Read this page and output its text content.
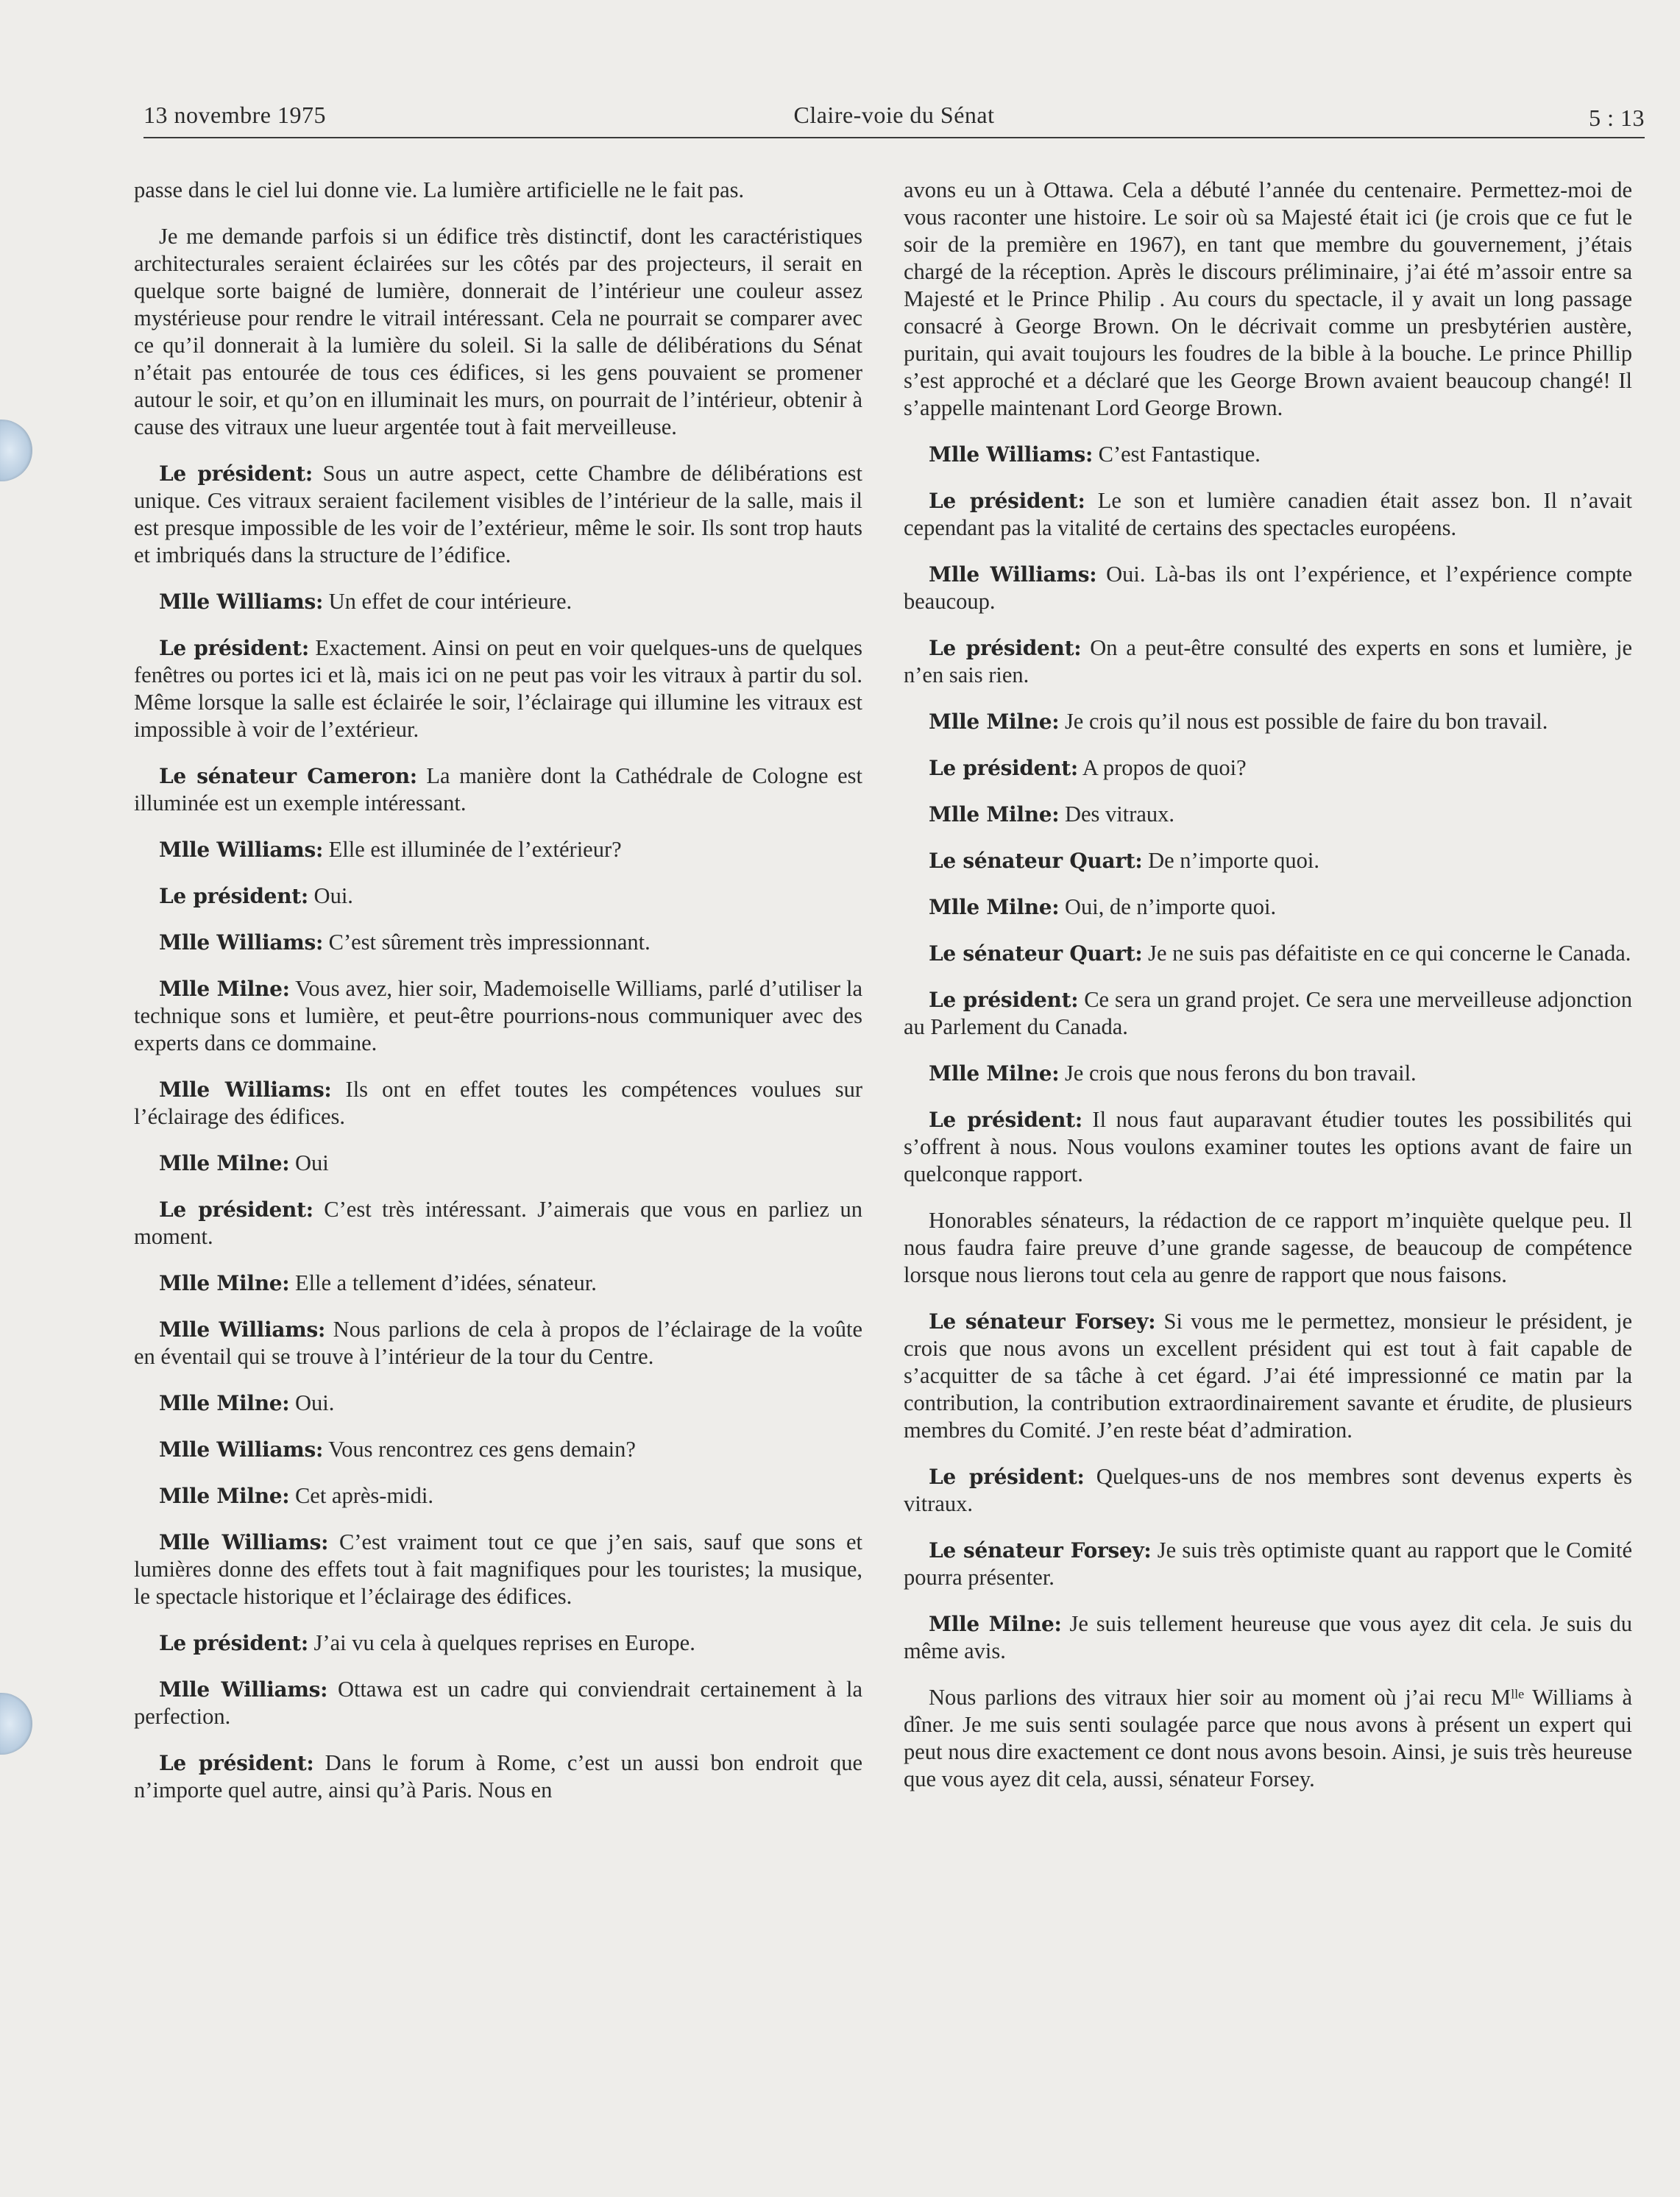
13 novembre 1975	Claire-voie du Sénat	5 : 13

passe dans le ciel lui donne vie. La lumière artificielle ne le fait pas.

Je me demande parfois si un édifice très distinctif, dont les caractéristiques architecturales seraient éclairées sur les côtés par des projecteurs, il serait en quelque sorte baigné de lumière, donnerait de l’intérieur une couleur assez mystérieuse pour rendre le vitrail intéressant. Cela ne pourrait se comparer avec ce qu’il donnerait à la lumière du soleil. Si la salle de délibérations du Sénat n’était pas entourée de tous ces édifices, si les gens pouvaient se promener autour le soir, et qu’on en illuminait les murs, on pourrait de l’intérieur, obtenir à cause des vitraux une lueur argentée tout à fait merveilleuse.

Le président: Sous un autre aspect, cette Chambre de délibérations est unique. Ces vitraux seraient facilement visibles de l’intérieur de la salle, mais il est presque impossible de les voir de l’extérieur, même le soir. Ils sont trop hauts et imbriqués dans la structure de l’édifice.

Mlle Williams: Un effet de cour intérieure.

Le président: Exactement. Ainsi on peut en voir quelques-uns de quelques fenêtres ou portes ici et là, mais ici on ne peut pas voir les vitraux à partir du sol. Même lorsque la salle est éclairée le soir, l’éclairage qui illumine les vitraux est impossible à voir de l’extérieur.

Le sénateur Cameron: La manière dont la Cathédrale de Cologne est illuminée est un exemple intéressant.

Mlle Williams: Elle est illuminée de l’extérieur?

Le président: Oui.

Mlle Williams: C’est sûrement très impressionnant.

Mlle Milne: Vous avez, hier soir, Mademoiselle Williams, parlé d’utiliser la technique sons et lumière, et peut-être pourrions-nous communiquer avec des experts dans ce dommaine.

Mlle Williams: Ils ont en effet toutes les compétences voulues sur l’éclairage des édifices.

Mlle Milne: Oui

Le président: C’est très intéressant. J’aimerais que vous en parliez un moment.

Mlle Milne: Elle a tellement d’idées, sénateur.

Mlle Williams: Nous parlions de cela à propos de l’éclairage de la voûte en éventail qui se trouve à l’intérieur de la tour du Centre.

Mlle Milne: Oui.

Mlle Williams: Vous rencontrez ces gens demain?

Mlle Milne: Cet après-midi.

Mlle Williams: C’est vraiment tout ce que j’en sais, sauf que sons et lumières donne des effets tout à fait magnifiques pour les touristes; la musique, le spectacle historique et l’éclairage des édifices.

Le président: J’ai vu cela à quelques reprises en Europe.

Mlle Williams: Ottawa est un cadre qui conviendrait certainement à la perfection.

Le président: Dans le forum à Rome, c’est un aussi bon endroit que n’importe quel autre, ainsi qu’à Paris. Nous en

avons eu un à Ottawa. Cela a débuté l’année du centenaire. Permettez-moi de vous raconter une histoire. Le soir où sa Majesté était ici (je crois que ce fut le soir de la première en 1967), en tant que membre du gouvernement, j’étais chargé de la réception. Après le discours préliminaire, j’ai été m’assoir entre sa Majesté et le Prince Philip . Au cours du spectacle, il y avait un long passage consacré à George Brown. On le décrivait comme un presbytérien austère, puritain, qui avait toujours les foudres de la bible à la bouche. Le prince Phillip s’est approché et a déclaré que les George Brown avaient beaucoup changé! Il s’appelle maintenant Lord George Brown.

Mlle Williams: C’est Fantastique.

Le président: Le son et lumière canadien était assez bon. Il n’avait cependant pas la vitalité de certains des spectacles européens.

Mlle Williams: Oui. Là-bas ils ont l’expérience, et l’expérience compte beaucoup.

Le président: On a peut-être consulté des experts en sons et lumière, je n’en sais rien.

Mlle Milne: Je crois qu’il nous est possible de faire du bon travail.

Le président: A propos de quoi?

Mlle Milne: Des vitraux.

Le sénateur Quart: De n’importe quoi.

Mlle Milne: Oui, de n’importe quoi.

Le sénateur Quart: Je ne suis pas défaitiste en ce qui concerne le Canada.

Le président: Ce sera un grand projet. Ce sera une merveilleuse adjonction au Parlement du Canada.

Mlle Milne: Je crois que nous ferons du bon travail.

Le président: Il nous faut auparavant étudier toutes les possibilités qui s’offrent à nous. Nous voulons examiner toutes les options avant de faire un quelconque rapport.

Honorables sénateurs, la rédaction de ce rapport m’inquiète quelque peu. Il nous faudra faire preuve d’une grande sagesse, de beaucoup de compétence lorsque nous lierons tout cela au genre de rapport que nous faisons.

Le sénateur Forsey: Si vous me le permettez, monsieur le président, je crois que nous avons un excellent président qui est tout à fait capable de s’acquitter de sa tâche à cet égard. J’ai été impressionné ce matin par la contribution, la contribution extraordinairement savante et érudite, de plusieurs membres du Comité. J’en reste béat d’admiration.

Le président: Quelques-uns de nos membres sont devenus experts ès vitraux.

Le sénateur Forsey: Je suis très optimiste quant au rapport que le Comité pourra présenter.

Mlle Milne: Je suis tellement heureuse que vous ayez dit cela. Je suis du même avis.

Nous parlions des vitraux hier soir au moment où j’ai recu Mˡˡᵉ Williams à dîner. Je me suis senti soulagée parce que nous avons à présent un expert qui peut nous dire exactement ce dont nous avons besoin. Ainsi, je suis très heureuse que vous ayez dit cela, aussi, sénateur Forsey.
